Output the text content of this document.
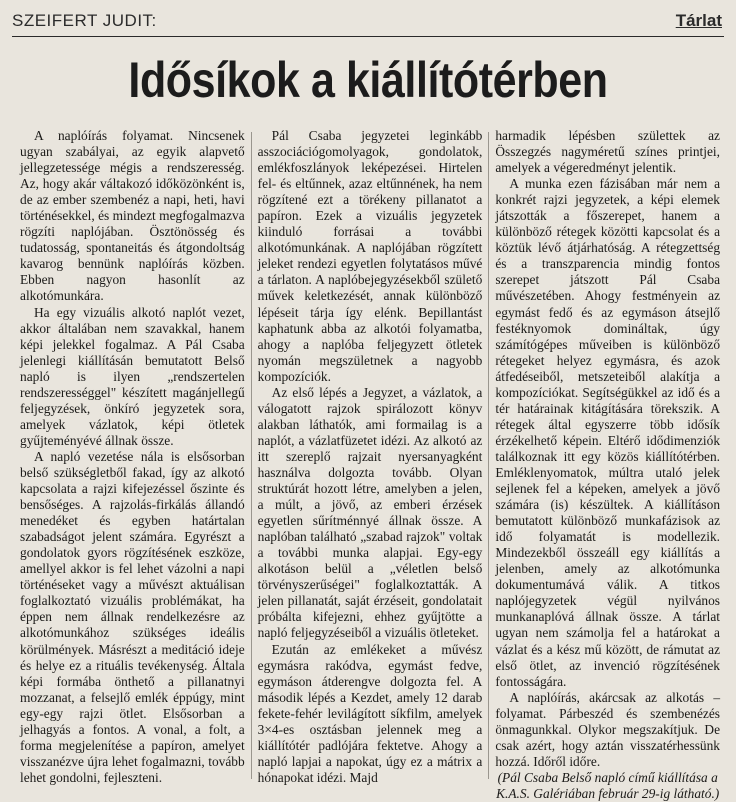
SZEIFERT JUDIT:	Tárlat
Idősíkok a kiállítótérben

A naplóírás folyamat. Nincsenek ugyan szabályai, az egyik alapvető jellegzetessége mégis a rendszeresség. Az, hogy akár váltakozó időközönként is, de az ember szembenéz a napi, heti, havi történésekkel, és mindezt megfogalmazva rögzíti naplójában. Ösztönösség és tudatosság, spontaneitás és átgondoltság kavarog bennünk naplóírás közben. Ebben nagyon hasonlít az alkotómunkára.

Ha egy vizuális alkotó naplót vezet, akkor általában nem szavakkal, hanem képi jelekkel fogalmaz. A Pál Csaba jelenlegi kiállításán bemutatott Belső napló is ilyen „rendszertelen rendszerességgel" készített magánjellegű feljegyzések, önkíró jegyzetek sora, amelyek vázlatok, képi ötletek gyűjteményévé állnak össze.

A napló vezetése nála is elsősorban belső szükségletből fakad, így az alkotó kapcsolata a rajzi kifejezéssel őszinte és bensőséges. A rajzolás-firkálás állandó menedéket és egyben határtalan szabadságot jelent számára. Egyrészt a gondolatok gyors rögzítésének eszköze, amellyel akkor is fel lehet vázolni a napi történéseket vagy a művészt aktuálisan foglalkoztató vizuális problémákat, ha éppen nem állnak rendelkezésre az alkotómunkához szükséges ideális körülmények. Másrészt a meditáció ideje és helye ez a rituális tevékenység. Általa képi formába önthető a pillanatnyi mozzanat, a felsejlő emlék éppúgy, mint egy-egy rajzi ötlet. Elsősorban a jelhagyás a fontos. A vonal, a folt, a forma megjelenítése a papíron, amelyet visszanézve újra lehet fogalmazni, tovább lehet gondolni, fejleszteni.

Pál Csaba jegyzetei leginkább asszociációgomolyagok, gondolatok, emlékfoszlányok leképezései. Hirtelen fel- és eltűnnek, azaz eltűnnének, ha nem rögzítené ezt a törékeny pillanatot a papíron. Ezek a vizuális jegyzetek kiinduló forrásai a további alkotómunkának. A naplójában rögzített jeleket rendezi egyetlen folytatásos művé a tárlaton. A naplóbejegyzésekből születő művek keletkezését, annak különböző lépéseit tárja így elénk. Bepillantást kaphatunk abba az alkotói folyamatba, ahogy a naplóba feljegyzett ötletek nyomán megszületnek a nagyobb kompozíciók.

Az első lépés a Jegyzet, a vázlatok, a válogatott rajzok spirálozott könyv alakban láthatók, ami formailag is a naplót, a vázlatfüzetet idézi. Az alkotó az itt szereplő rajzait nyersanyagként használva dolgozta tovább. Olyan struktúrát hozott létre, amelyben a jelen, a múlt, a jövő, az emberi érzések egyetlen sűrítménnyé állnak össze. A naplóban található „szabad rajzok" voltak a további munka alapjai. Egy-egy alkotáson belül a „véletlen belső törvényszerűségei" foglalkoztatták. A jelen pillanatát, saját érzéseit, gondolatait próbálta kifejezni, ehhez gyűjtötte a napló feljegyzéseiből a vizuális ötleteket.

Ezután az emlékeket a művész egymásra rakódva, egymást fedve, egymáson átderengve dolgozta fel. A második lépés a Kezdet, amely 12 darab fekete-fehér levilágított síkfilm, amelyek 3×4-es osztásban jelennek meg a kiállítótér padlójára fektetve. Ahogy a napló lapjai a napokat, úgy ez a mátrix a hónapokat idézi. Majd

harmadik lépésben születtek az Összegzés nagyméretű színes printjei, amelyek a végeredményt jelentik.

A munka ezen fázisában már nem a konkrét rajzi jegyzetek, a képi elemek játszották a főszerepet, hanem a különböző rétegek közötti kapcsolat és a köztük lévő átjárhatóság. A rétegzettség és a transzparencia mindig fontos szerepet játszott Pál Csaba művészetében. Ahogy festményein az egymást fedő és az egymáson átsejlő festéknyomok domináltak, úgy számítógépes műveiben is különböző rétegeket helyez egymásra, és azok átfedéseiből, metszeteiből alakítja a kompozíciókat. Segítségükkel az idő és a tér határainak kitágítására törekszik. A rétegek által egyszerre több idősík érzékelhető képein. Eltérő idődimenziók találkoznak itt egy közös kiállítótérben. Emléklenyomatok, múltra utaló jelek sejlenek fel a képeken, amelyek a jövő számára (is) készültek. A kiállításon bemutatott különböző munkafázisok az idő folyamatát is modellezik. Mindezekből összeáll egy kiállítás a jelenben, amely az alkotómunka dokumentumává válik. A titkos naplójegyzetek végül nyilvános munkanaplóvá állnak össze. A tárlat ugyan nem számolja fel a határokat a vázlat és a kész mű között, de rámutat az első ötlet, az invenció rögzítésének fontosságára.

A naplóírás, akárcsak az alkotás – folyamat. Párbeszéd és szembenézés önmagunkkal. Olykor megszakítjuk. De csak azért, hogy aztán visszatérhessünk hozzá. Időről időre.

(Pál Csaba Belső napló című kiállítása a K.A.S. Galériában február 29-ig látható.)
